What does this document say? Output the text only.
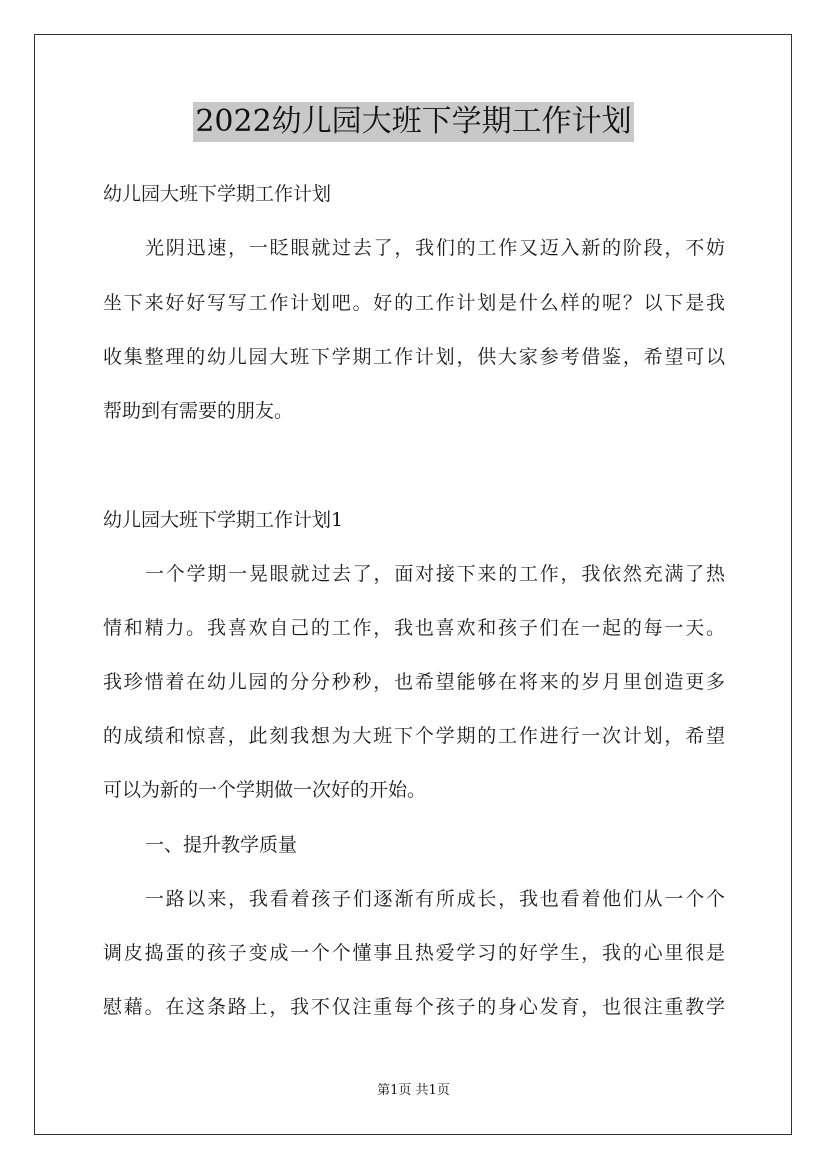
2022幼儿园大班下学期工作计划
幼儿园大班下学期工作计划
光阴迅速，一眨眼就过去了，我们的工作又迈入新的阶段，不妨
坐下来好好写写工作计划吧。好的工作计划是什么样的呢？以下是我
收集整理的幼儿园大班下学期工作计划，供大家参考借鉴，希望可以
帮助到有需要的朋友。
幼儿园大班下学期工作计划1
一个学期一晃眼就过去了，面对接下来的工作，我依然充满了热
情和精力。我喜欢自己的工作，我也喜欢和孩子们在一起的每一天。
我珍惜着在幼儿园的分分秒秒，也希望能够在将来的岁月里创造更多
的成绩和惊喜，此刻我想为大班下个学期的工作进行一次计划，希望
可以为新的一个学期做一次好的开始。
一、提升教学质量
一路以来，我看着孩子们逐渐有所成长，我也看着他们从一个个
调皮捣蛋的孩子变成一个个懂事且热爱学习的好学生，我的心里很是
慰藉。在这条路上，我不仅注重每个孩子的身心发育，也很注重教学
第1页 共1页
